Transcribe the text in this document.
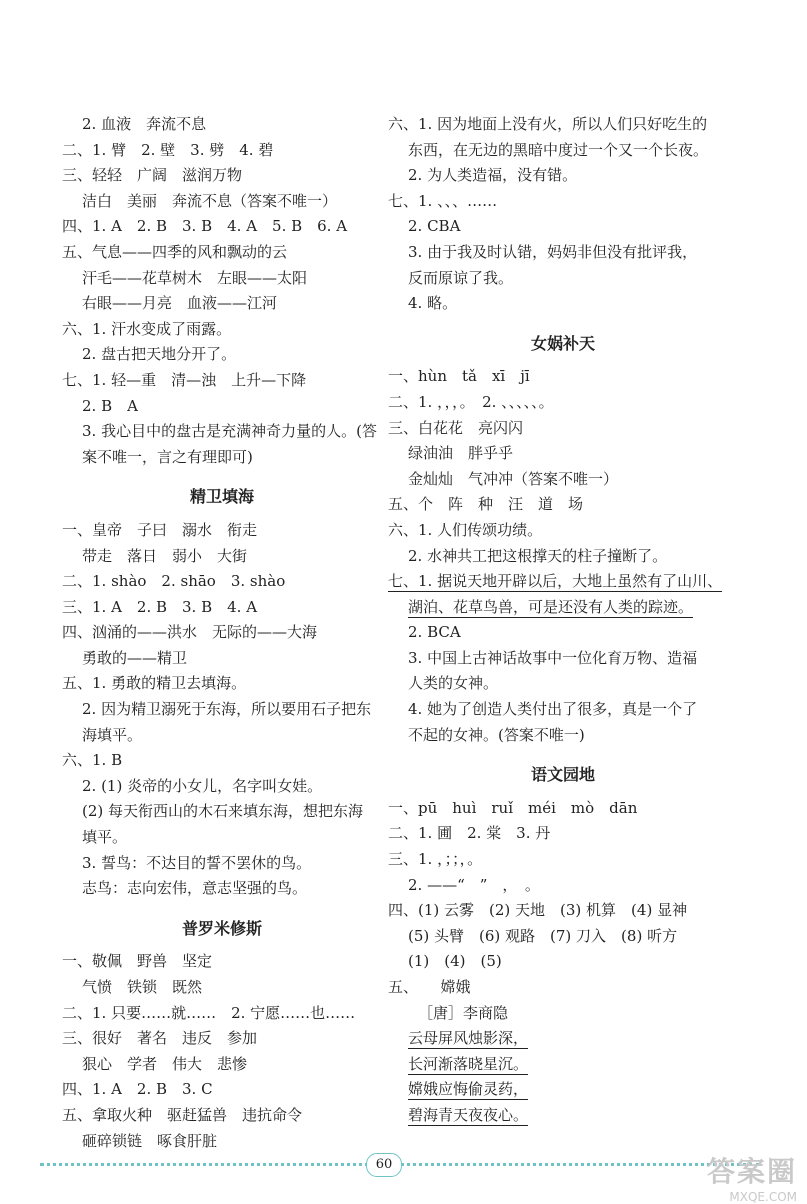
2. 血液　奔流不息
二、1. 臂　2. 壁　3. 劈　4. 碧
三、轻轻　广阔　滋润万物
洁白　美丽　奔流不息（答案不唯一）
四、1. A　2. B　3. B　4. A　5. B　6. A
五、气息——四季的风和飘动的云
汗毛——花草树木　左眼——太阳
右眼——月亮　血液——江河
六、1. 汗水变成了雨露。
2. 盘古把天地分开了。
七、1. 轻—重　清—浊　上升—下降
2. B　A
3. 我心目中的盘古是充满神奇力量的人。(答
案不唯一，言之有理即可)
精卫填海
一、皇帝　子曰　溺水　衔走
带走　落日　弱小　大街
二、1. shào　2. shāo　3. shào
三、1. A　2. B　3. B　4. A
四、汹涌的——洪水　无际的——大海
勇敢的——精卫
五、1. 勇敢的精卫去填海。
2. 因为精卫溺死于东海，所以要用石子把东
海填平。
六、1. B
2. (1) 炎帝的小女儿，名字叫女娃。
(2) 每天衔西山的木石来填东海，想把东海
填平。
3. 誓鸟：不达目的誓不罢休的鸟。
志鸟：志向宏伟，意志坚强的鸟。
普罗米修斯
一、敬佩　野兽　坚定
气愤　铁锁　既然
二、1. 只要……就……　2. 宁愿……也……
三、很好　著名　违反　参加
狠心　学者　伟大　悲惨
四、1. A　2. B　3. C
五、拿取火种　驱赶猛兽　违抗命令
砸碎锁链　啄食肝脏
六、1. 因为地面上没有火，所以人们只好吃生的
东西，在无边的黑暗中度过一个又一个长夜。
2. 为人类造福，没有错。
七、1. 、、、……
2. CBA
3. 由于我及时认错，妈妈非但没有批评我，
反而原谅了我。
4. 略。
女娲补天
一、hùn　tǎ　xī　jī
二、1. ，，，。　2. 、、、、、。
三、白花花　亮闪闪
绿油油　胖乎乎
金灿灿　气冲冲（答案不唯一）
五、个　阵　种　汪　道　场
六、1. 人们传颂功绩。
2. 水神共工把这根撑天的柱子撞断了。
七、1. 据说天地开辟以后，大地上虽然有了山川、
湖泊、花草鸟兽，可是还没有人类的踪迹。
2. BCA
3. 中国上古神话故事中一位化育万物、造福
人类的女神。
4. 她为了创造人类付出了很多，真是一个了
不起的女神。(答案不唯一)
语文园地
一、pū　huì　ruǐ　méi　mò　dān
二、1. 圃　2. 棠　3. 丹
三、1. ，；；，。
2. ——“　”　，　。
四、(1) 云雾　(2) 天地　(3) 机算　(4) 显神
(5) 头臂　(6) 观路　(7) 刀入　(8) 听方
(1)　(4)　(5)
五、　　嫦娥
［唐］李商隐
云母屏风烛影深，
长河渐落晓星沉。
嫦娥应悔偷灵药，
碧海青天夜夜心。
60	答案圈
MXQE.COM
